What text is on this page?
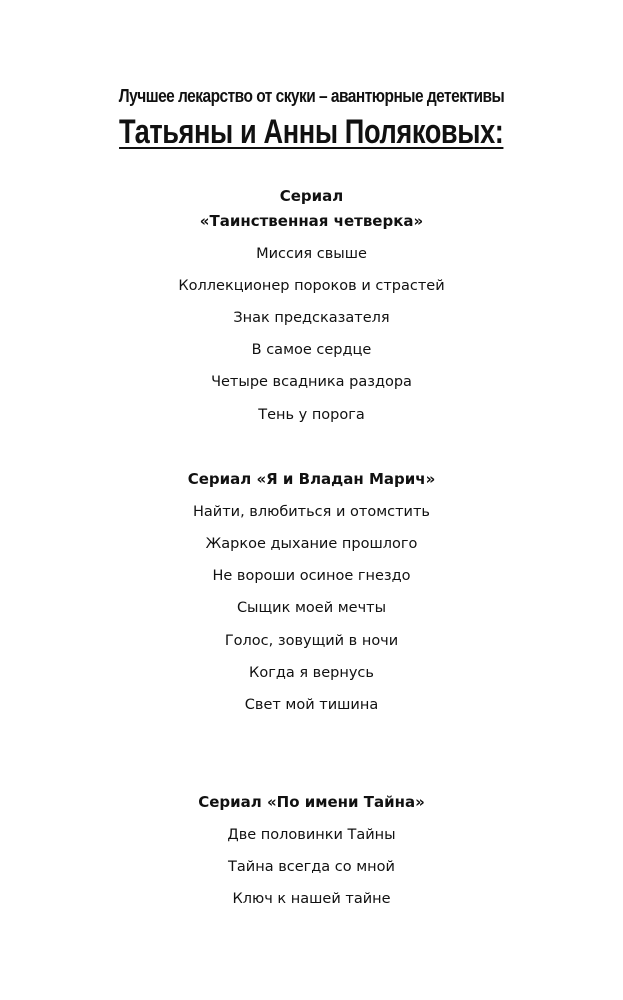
Лучшее лекарство от скуки – авантюрные детективы
Татьяны и Анны Поляковых:
Сериал
«Таинственная четверка»
Миссия свыше
Коллекционер пороков и страстей
Знак предсказателя
В самое сердце
Четыре всадника раздора
Тень у порога
Сериал «Я и Владан Марич»
Найти, влюбиться и отомстить
Жаркое дыхание прошлого
Не вороши осиное гнездо
Сыщик моей мечты
Голос, зовущий в ночи
Когда я вернусь
Свет мой тишина
Сериал «По имени Тайна»
Две половинки Тайны
Тайна всегда со мной
Ключ к нашей тайне
